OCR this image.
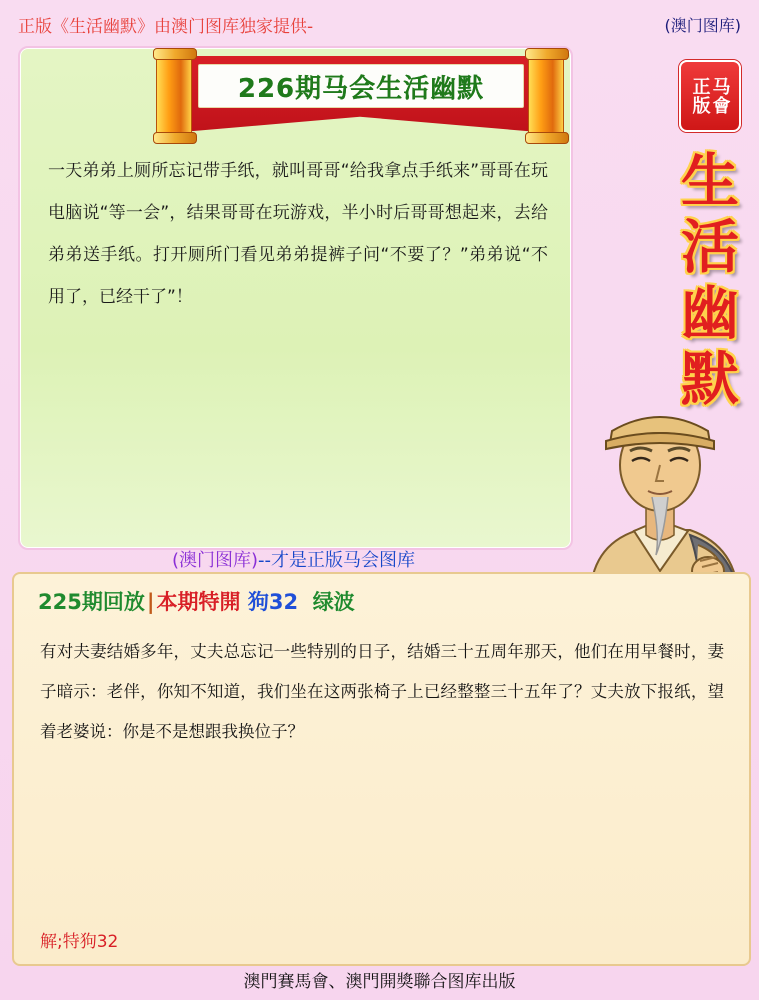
正版《生活幽默》由澳门图库独家提供-	(澳门图库)
226期马会生活幽默
一天弟弟上厕所忘记带手纸，就叫哥哥“给我拿点手纸来”哥哥在玩电脑说“等一会”，结果哥哥在玩游戏，半小时后哥哥想起来，去给弟弟送手纸。打开厕所门看见弟弟提裤子问“不要了？”弟弟说“不用了，已经干了”！
(澳门图库)--才是正版马会图库
正版 马會
生
活
幽
默
225期回放|本期特開 狗32 绿波
有对夫妻结婚多年，丈夫总忘记一些特别的日子，结婚三十五周年那天，他们在用早餐时，妻子暗示：老伴，你知不知道，我们坐在这两张椅子上已经整整三十五年了？丈夫放下报纸，望着老婆说：你是不是想跟我换位子？
解;特狗32
澳門賽馬會、澳門開獎聯合图库出版
